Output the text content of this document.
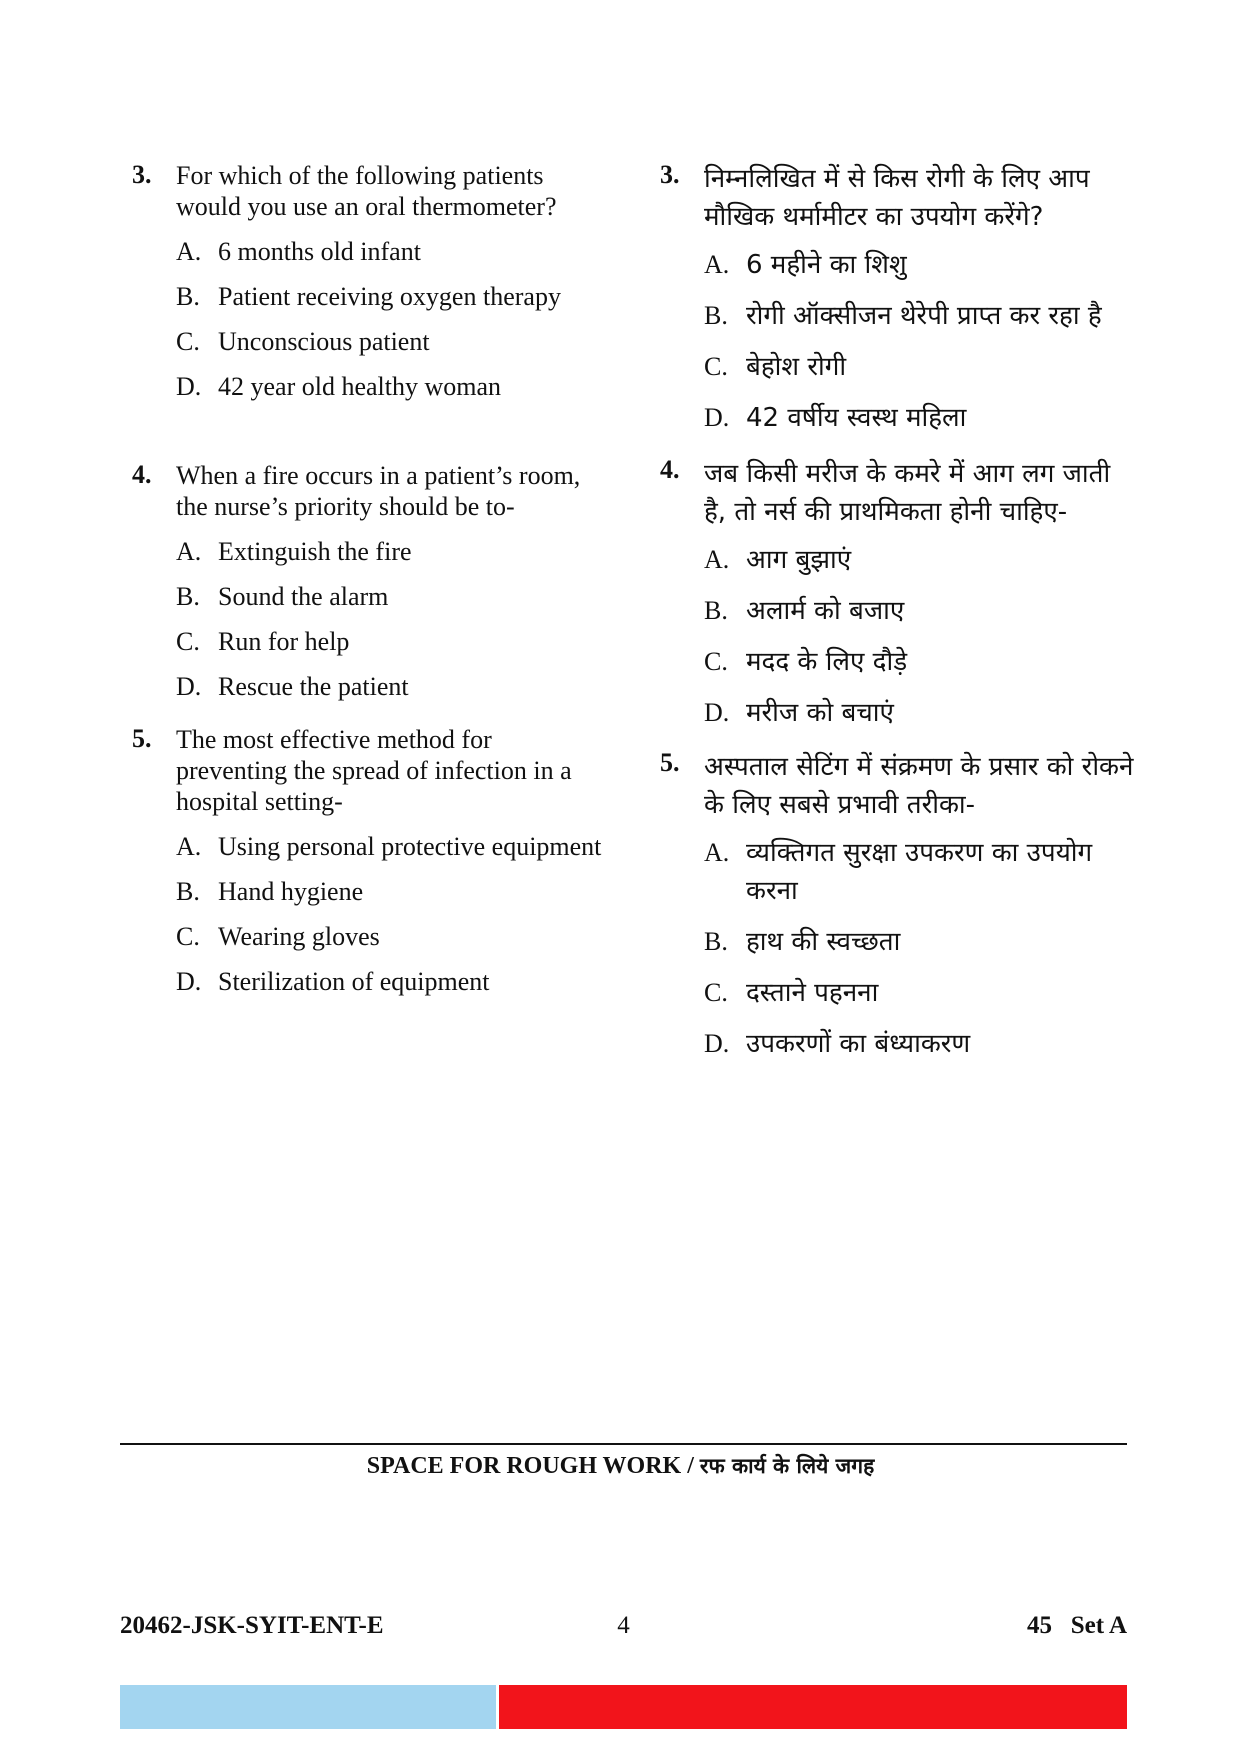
3. For which of the following patients would you use an oral thermometer?
A. 6 months old infant
B. Patient receiving oxygen therapy
C. Unconscious patient
D. 42 year old healthy woman
4. When a fire occurs in a patient’s room, the nurse’s priority should be to-
A. Extinguish the fire
B. Sound the alarm
C. Run for help
D. Rescue the patient
5. The most effective method for preventing the spread of infection in a hospital setting-
A. Using personal protective equipment
B. Hand hygiene
C. Wearing gloves
D. Sterilization of equipment
3. निम्नलिखित में से किस रोगी के लिए आप मौखिक थर्मामीटर का उपयोग करेंगे?
A. 6 महीने का शिशु
B. रोगी ऑक्सीजन थेरेपी प्राप्त कर रहा है
C. बेहोश रोगी
D. 42 वर्षीय स्वस्थ महिला
4. जब किसी मरीज के कमरे में आग लग जाती है, तो नर्स की प्राथमिकता होनी चाहिए-
A. आग बुझाएं
B. अलार्म को बजाए
C. मदद के लिए दौड़े
D. मरीज को बचाएं
5. अस्पताल सेटिंग में संक्रमण के प्रसार को रोकने के लिए सबसे प्रभावी तरीका-
A. व्यक्तिगत सुरक्षा उपकरण का उपयोग करना
B. हाथ की स्वच्छता
C. दस्ताने पहनना
D. उपकरणों का बंध्याकरण
SPACE FOR ROUGH WORK / रफ कार्य के लिये जगह
20462-JSK-SYIT-ENT-E	4	45   Set A
